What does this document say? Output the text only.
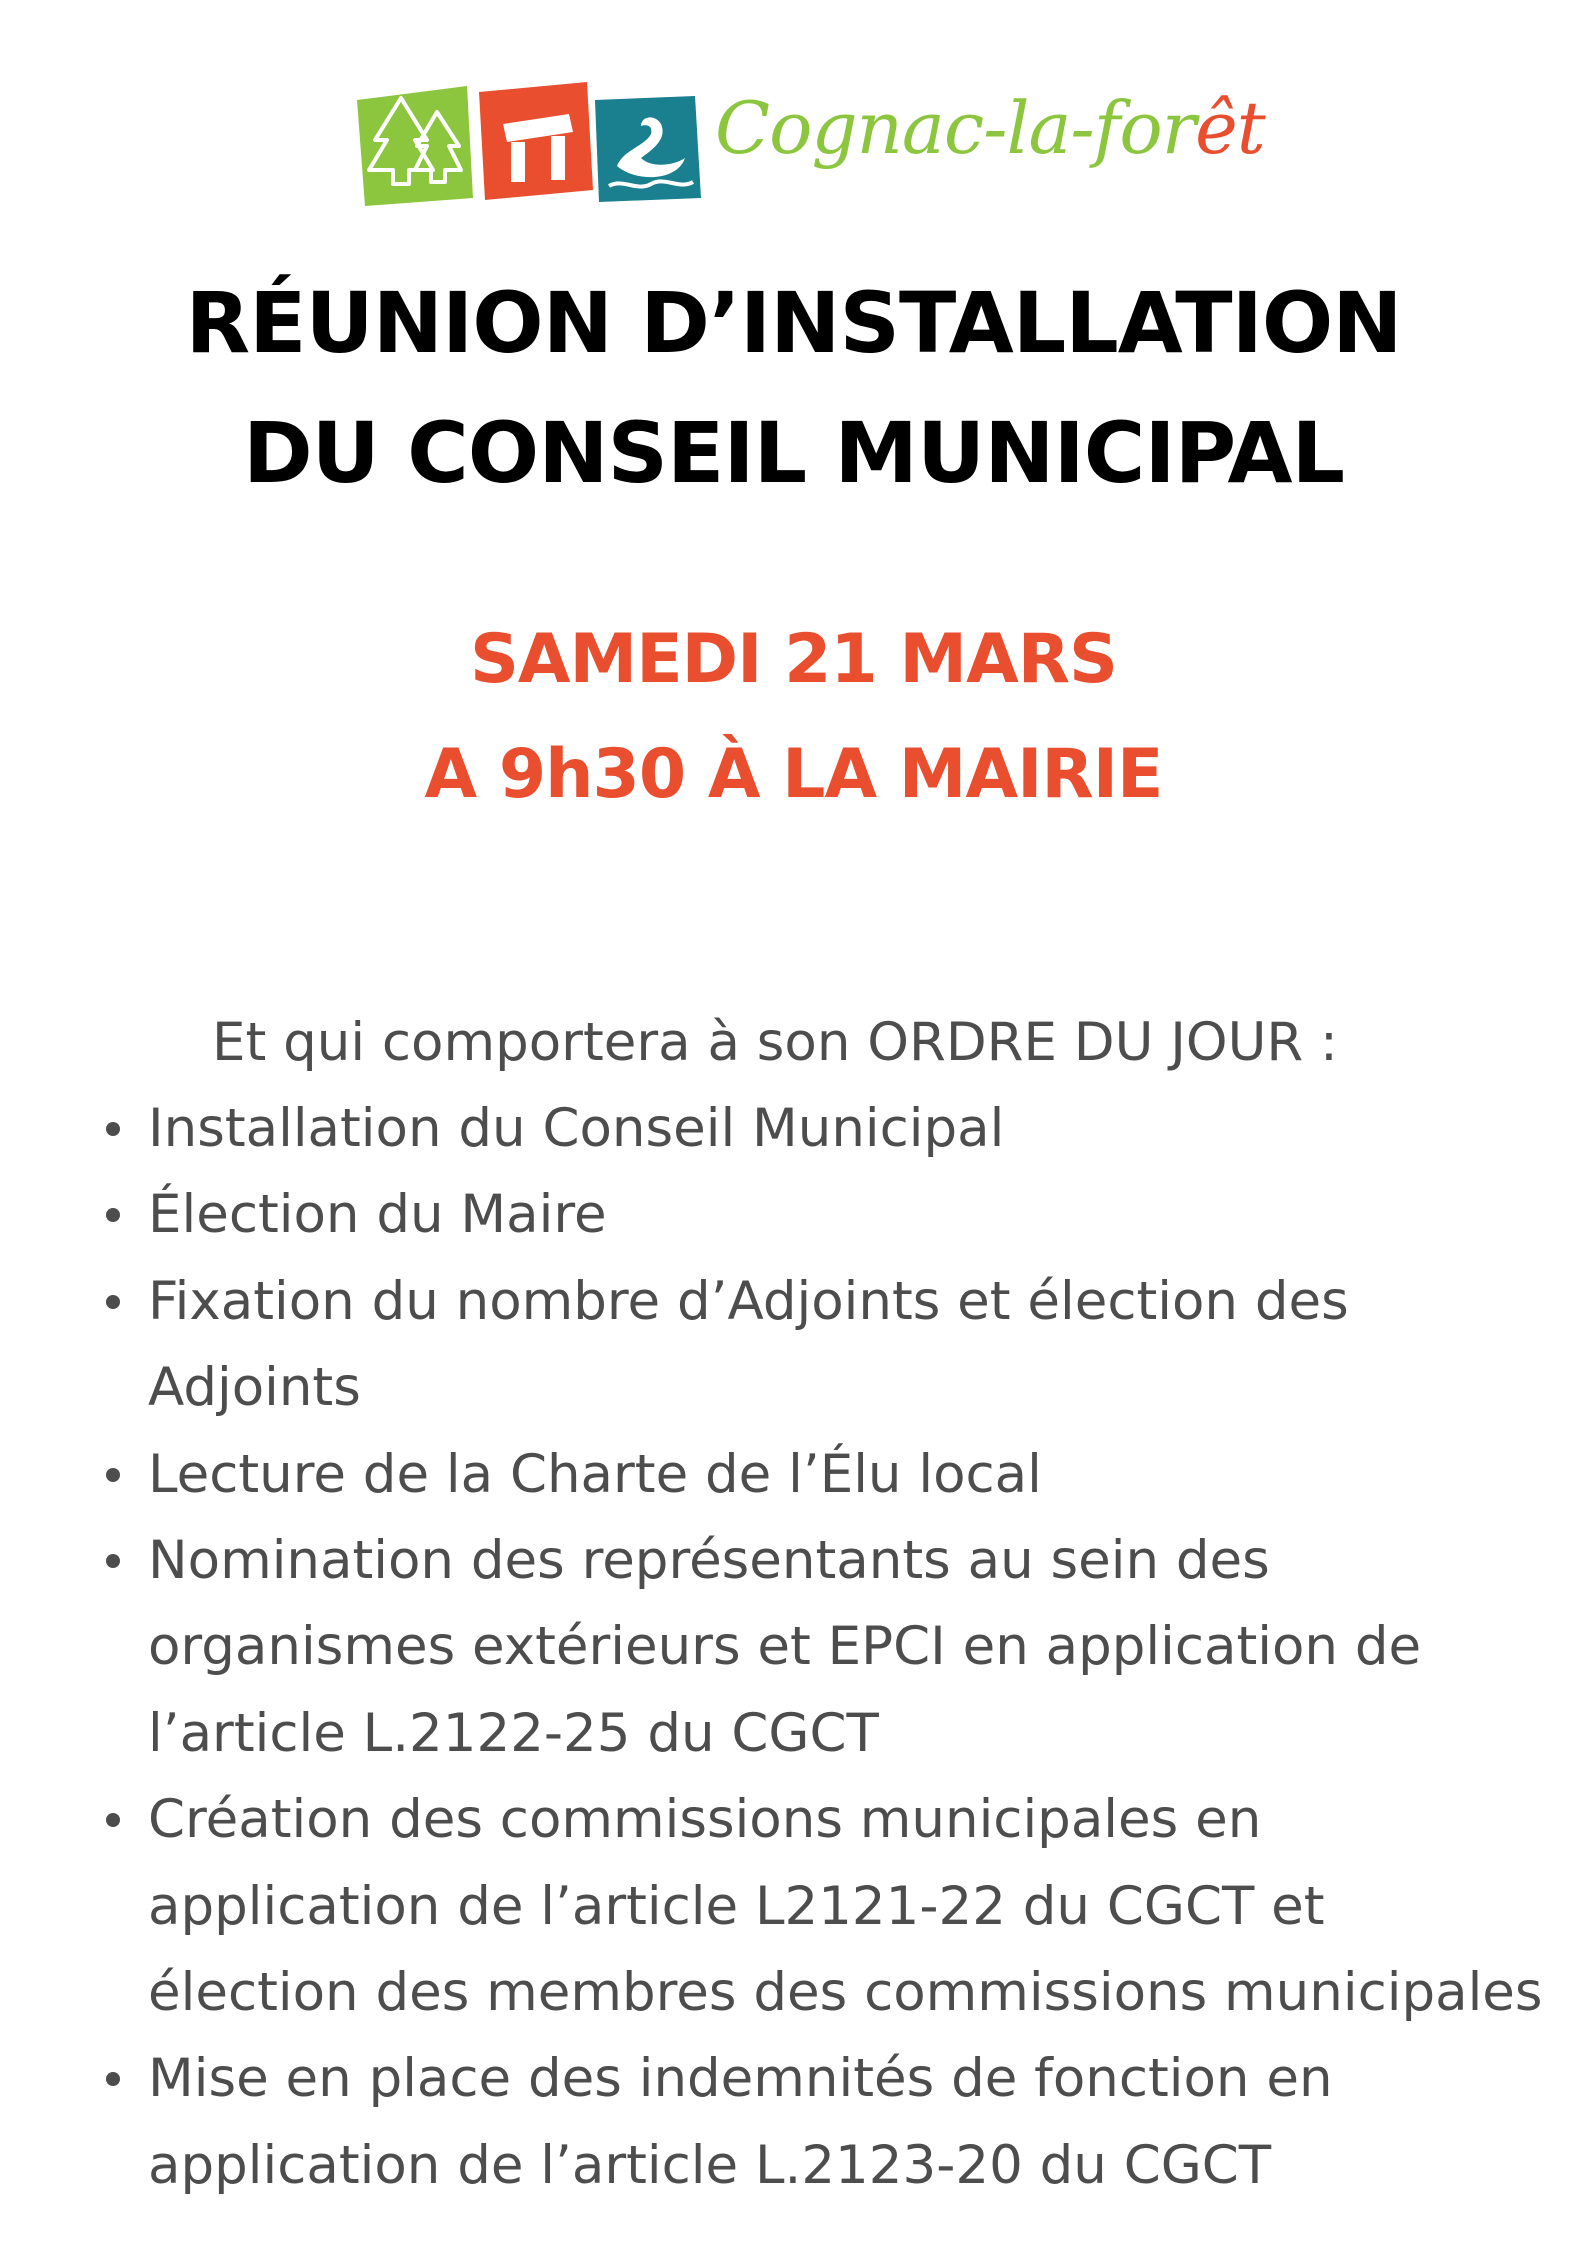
Cognac-la-forêt
RÉUNION D’INSTALLATION
DU CONSEIL MUNICIPAL
SAMEDI 21 MARS
A 9h30 À LA MAIRIE
Et qui comportera à son ORDRE DU JOUR :
Installation du Conseil Municipal
Élection du Maire
Fixation du nombre d’Adjoints et élection des
Adjoints
Lecture de la Charte de l’Élu local
Nomination des représentants au sein des
organismes extérieurs et EPCI en application de
l’article L.2122-25 du CGCT
Création des commissions municipales en
application de l’article L2121-22 du CGCT et
élection des membres des commissions municipales
Mise en place des indemnités de fonction en
application de l’article L.2123-20 du CGCT
